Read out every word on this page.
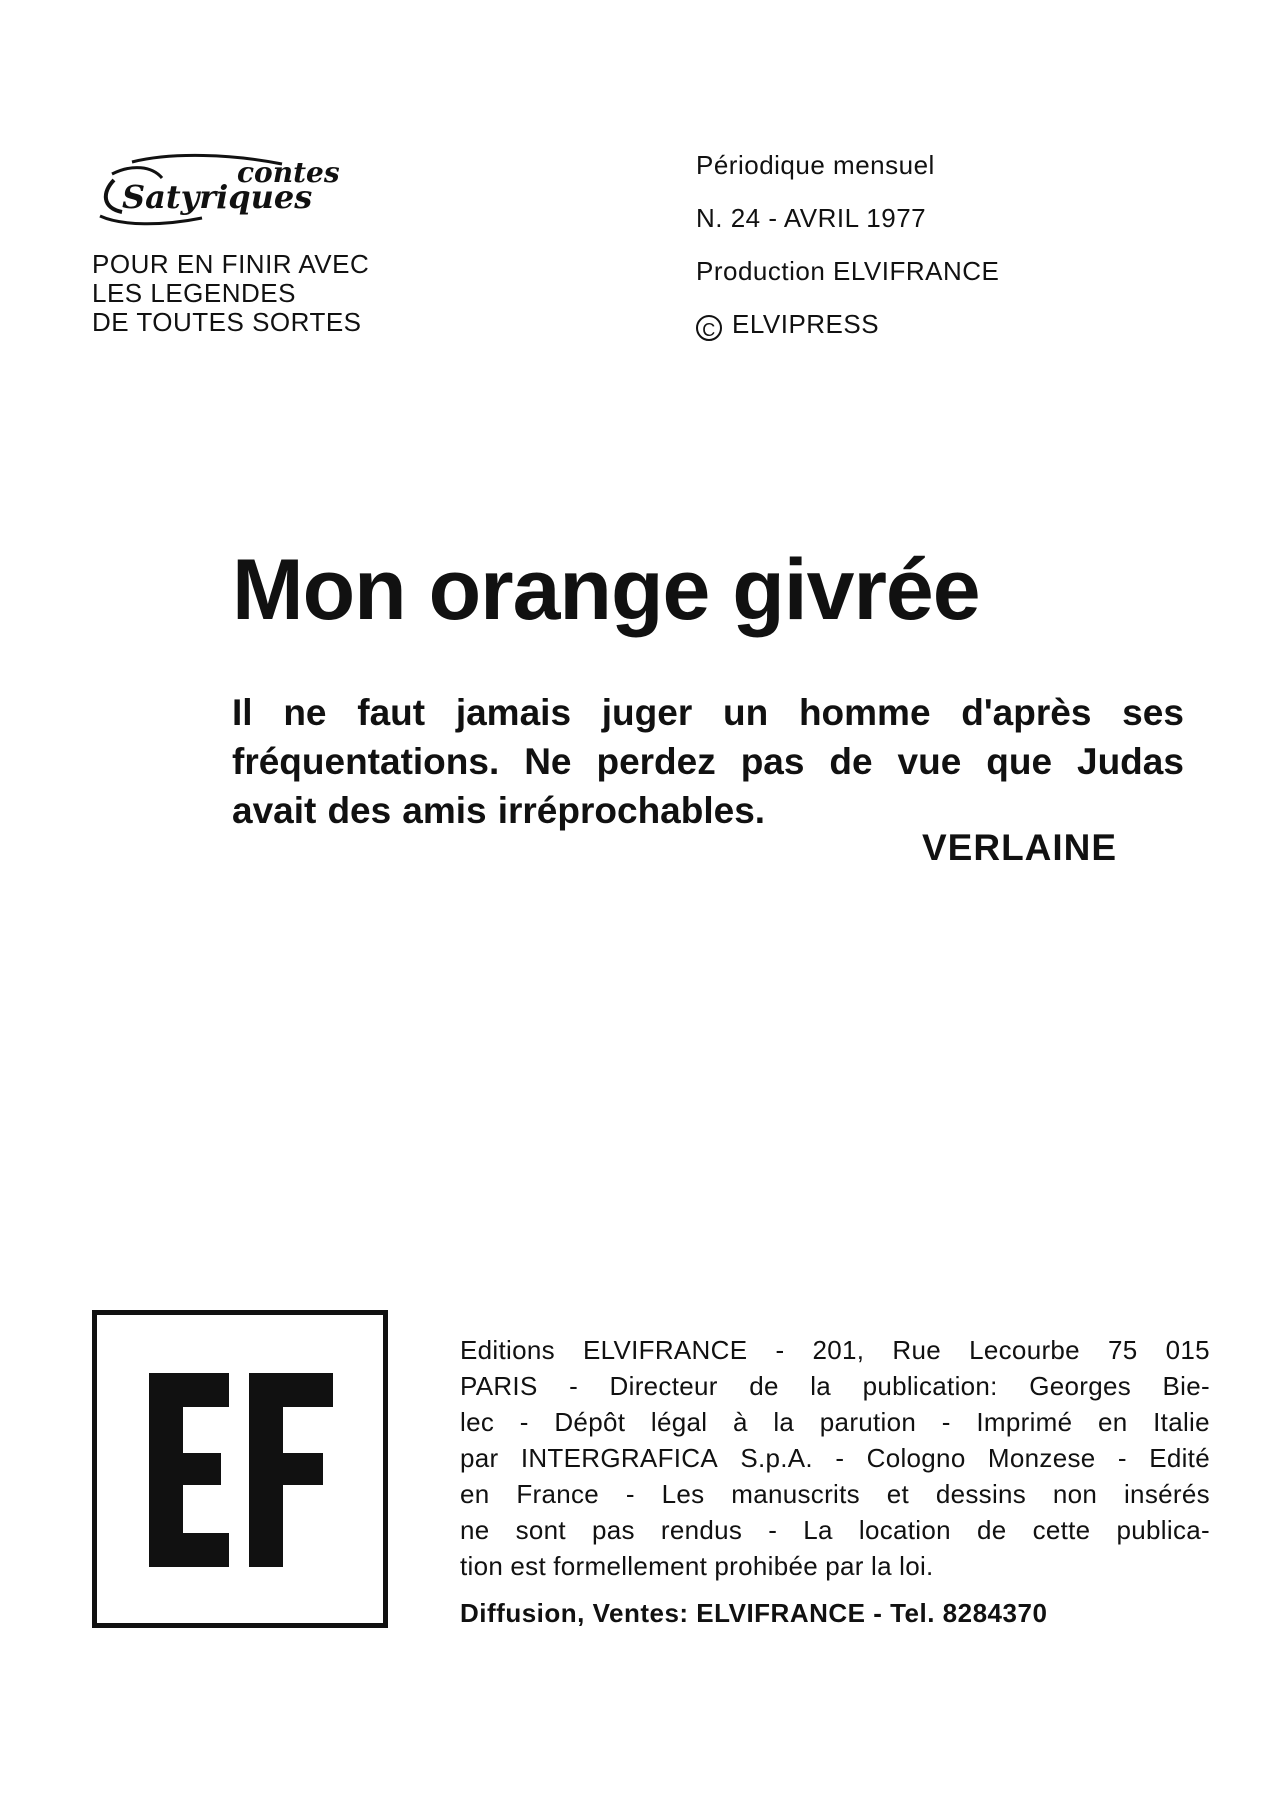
contes
Satyriques
POUR EN FINIR AVEC
LES LEGENDES
DE TOUTES SORTES
Périodique mensuel
N. 24 - AVRIL 1977
Production ELVIFRANCE
C ELVIPRESS
Mon orange givrée
Il ne faut jamais juger un homme d'après ses
fréquentations. Ne perdez pas de vue que Judas
avait des amis irréprochables.
VERLAINE
Editions ELVIFRANCE - 201, Rue Lecourbe 75 015
PARIS - Directeur de la publication: Georges Bie-
lec - Dépôt légal à la parution - Imprimé en Italie
par INTERGRAFICA S.p.A. - Cologno Monzese - Edité
en France - Les manuscrits et dessins non insérés
ne sont pas rendus - La location de cette publica-
tion est formellement prohibée par la loi.
Diffusion, Ventes: ELVIFRANCE - Tel. 8284370
